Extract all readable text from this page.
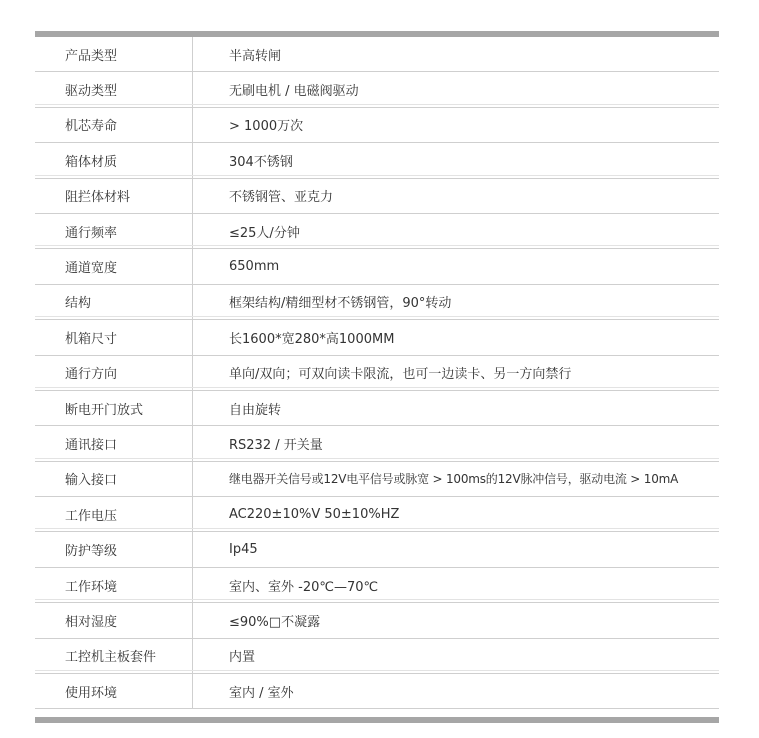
产品类型	半高转闸
驱动类型	无刷电机 / 电磁阀驱动
机芯寿命	> 1000万次
箱体材质	304不锈钢
阻拦体材料	不锈钢管、亚克力
通行频率	≤25人/分钟
通道宽度	650mm
结构	框架结构/精细型材不锈钢管，90°转动
机箱尺寸	长1600*宽280*高1000MM
通行方向	单向/双向；可双向读卡限流，也可一边读卡、另一方向禁行
断电开门放式	自由旋转
通讯接口	RS232 / 开关量
输入接口	继电器开关信号或12V电平信号或脉宽 > 100ms的12V脉冲信号，驱动电流 > 10mA
工作电压	AC220±10%V 50±10%HZ
防护等级	Ip45
工作环境	室内、室外 -20℃—70℃
相对湿度	≤90%□不凝露
工控机主板套件	内置
使用环境	室内 / 室外
